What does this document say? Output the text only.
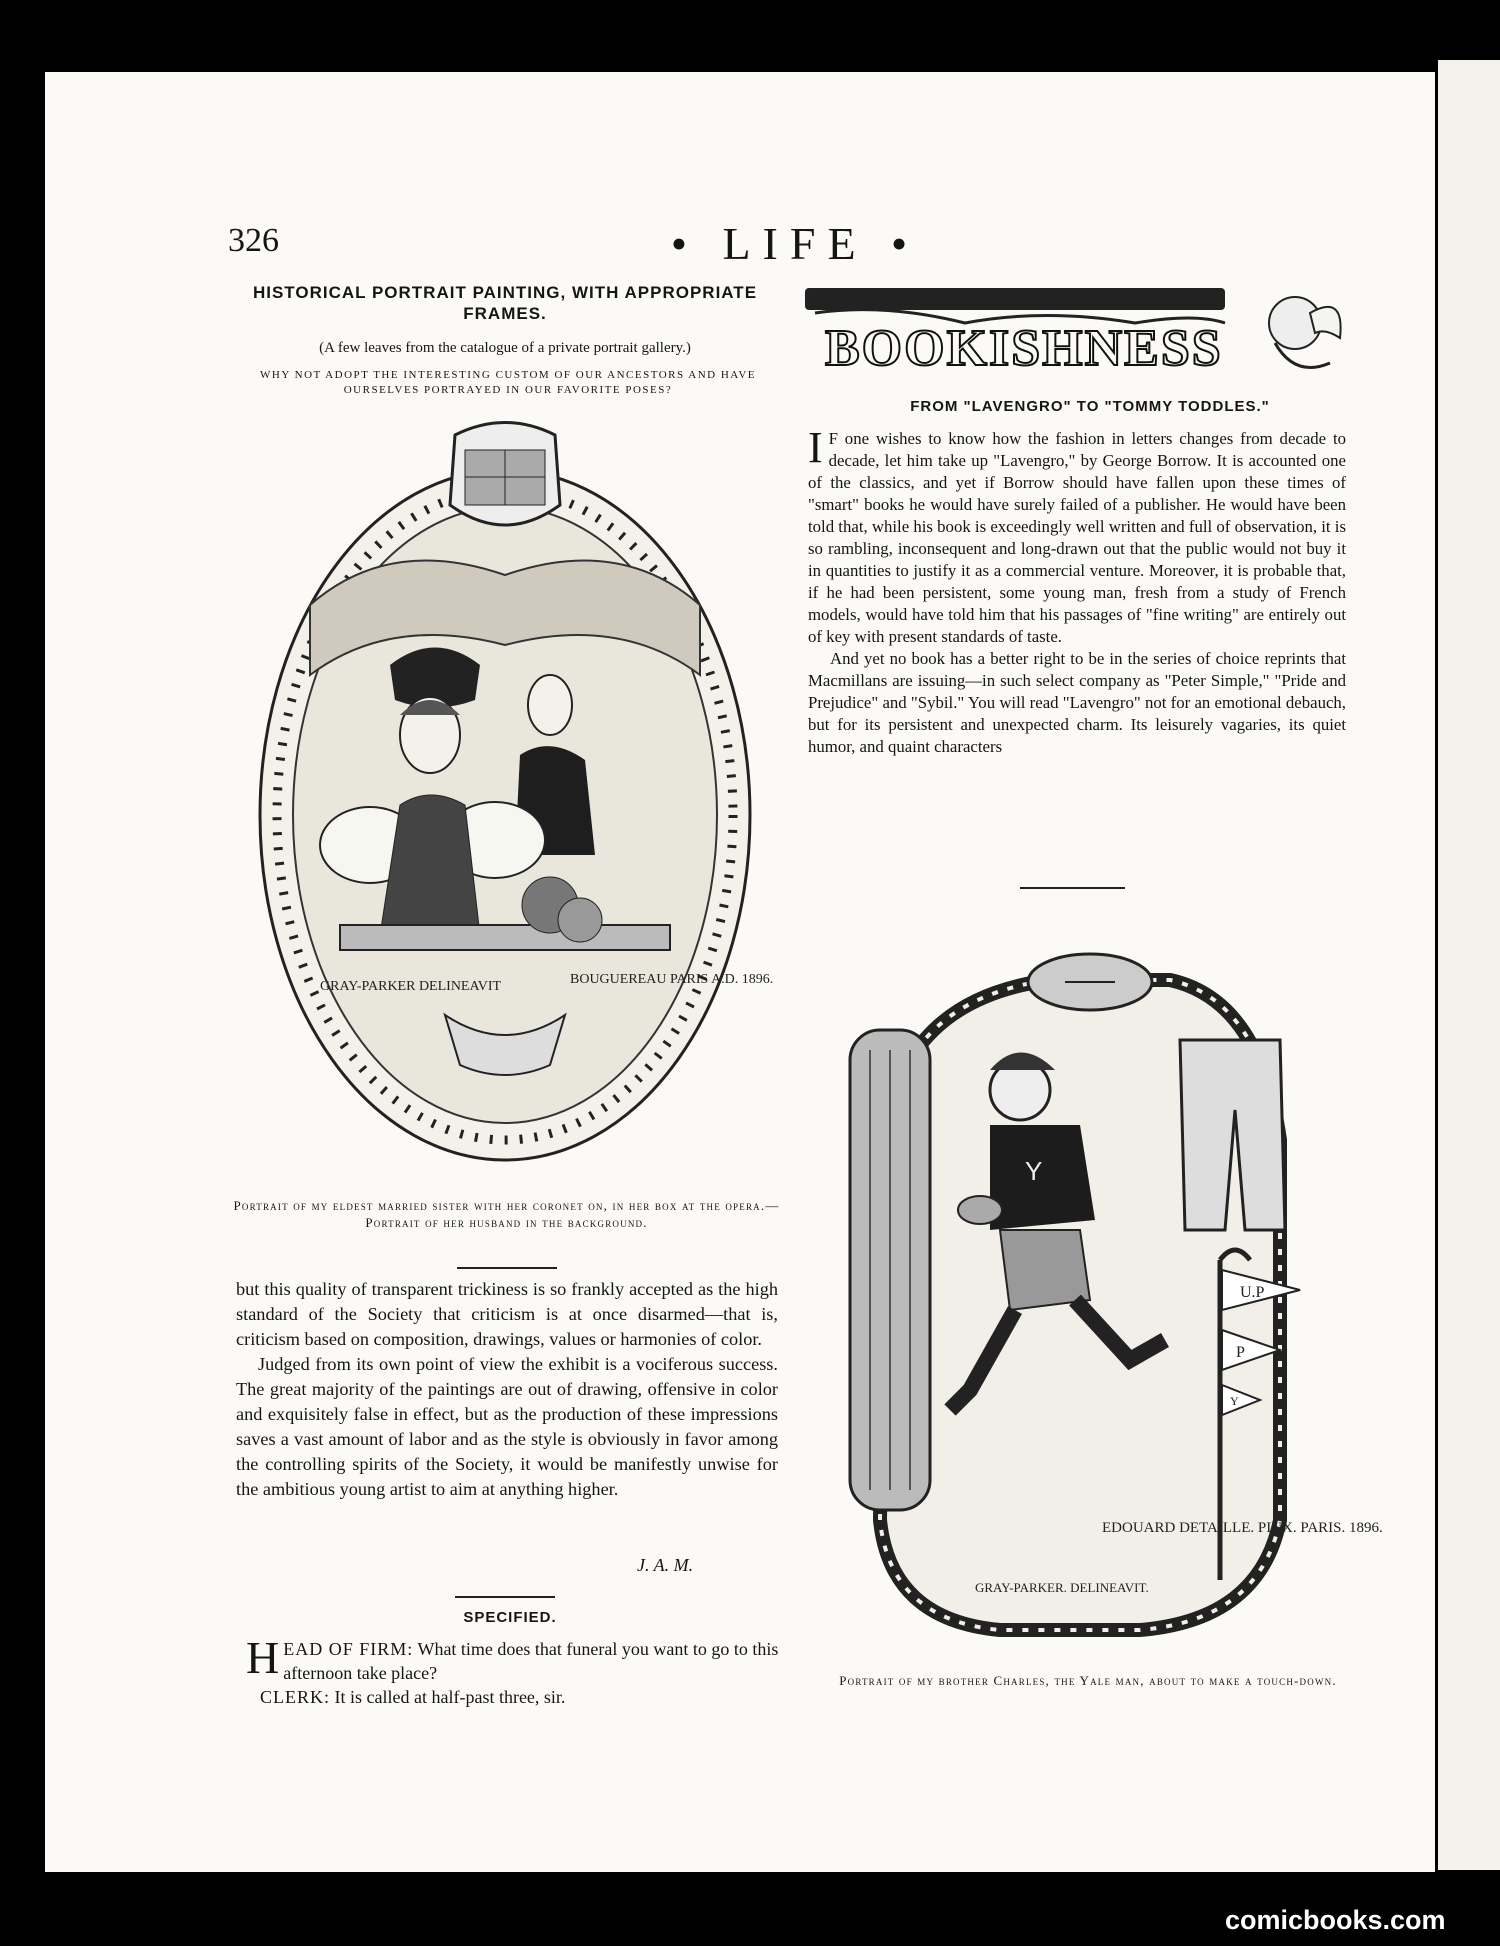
326	• LIFE •
HISTORICAL PORTRAIT PAINTING, WITH APPROPRIATE FRAMES.
(A few leaves from the catalogue of a private portrait gallery.)
WHY NOT ADOPT THE INTERESTING CUSTOM OF OUR ANCESTORS AND HAVE OURSELVES PORTRAYED IN OUR FAVORITE POSES?
GRAY-PARKER DELINEAVIT	BOUGUEREAU PARIS A.D. 1896.
Portrait of my eldest married sister with her coronet on, in her box at the opera.—Portrait of her husband in the background.

but this quality of transparent trickiness is so frankly accepted as the high standard of the Society that criticism is at once disarmed—that is, criticism based on composition, drawings, values or harmonies of color.

Judged from its own point of view the exhibit is a vociferous success. The great majority of the paintings are out of drawing, offensive in color and exquisitely false in effect, but as the production of these impressions saves a vast amount of labor and as the style is obviously in favor among the controlling spirits of the Society, it would be manifestly unwise for the ambitious young artist to aim at anything higher.

J. A. M.
SPECIFIED.

HEAD OF FIRM: What time does that funeral you want to go to this afternoon take place?

CLERK: It is called at half-past three, sir.

BOOKISHNESS
FROM "LAVENGRO" TO "TOMMY TODDLES."

I F one wishes to know how the fashion in letters changes from decade to decade, let him take up "Lavengro," by George Borrow. It is accounted one of the classics, and yet if Borrow should have fallen upon these times of "smart" books he would have surely failed of a publisher. He would have been told that, while his book is exceedingly well written and full of observation, it is so rambling, inconsequent and long-drawn out that the public would not buy it in quantities to justify it as a commercial venture. Moreover, it is probable that, if he had been persistent, some young man, fresh from a study of French models, would have told him that his passages of "fine writing" are entirely out of key with present standards of taste.

And yet no book has a better right to be in the series of choice reprints that Macmillans are issuing—in such select company as "Peter Simple," "Pride and Prejudice" and "Sybil." You will read "Lavengro" not for an emotional debauch, but for its persistent and unexpected charm. Its leisurely vagaries, its quiet humor, and quaint characters

Y
U.P
P
Y
EDOUARD DETAILLE. PINX. PARIS. 1896.
GRAY-PARKER. DELINEAVIT.
Portrait of my brother Charles, the Yale man, about to make a touch-down.
comicbooks.com
